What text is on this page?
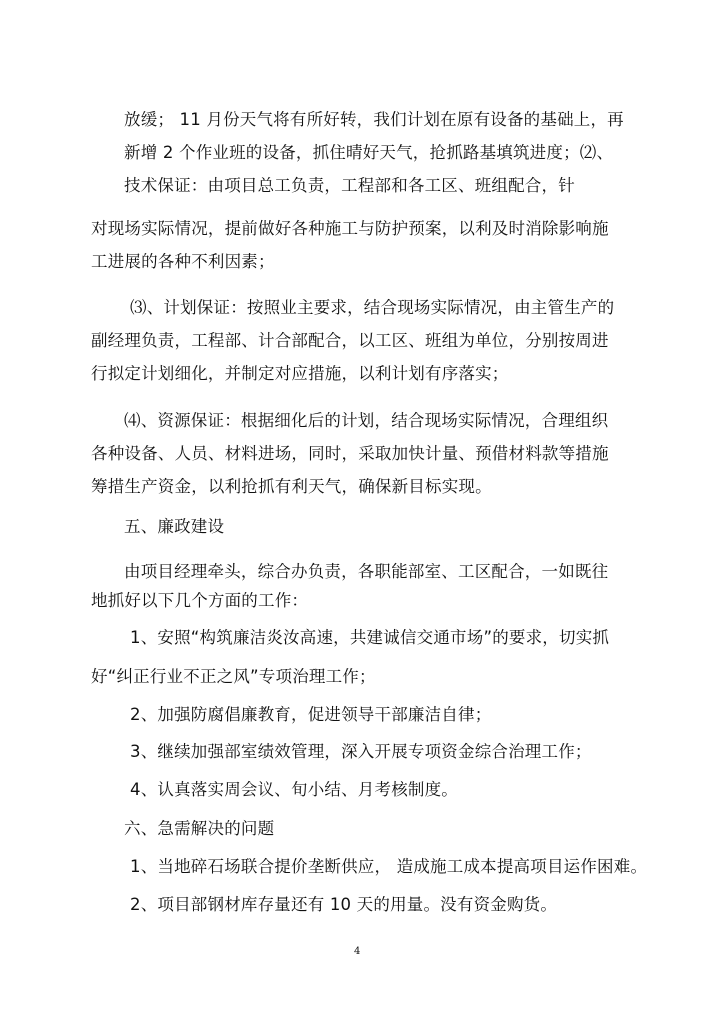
放缓； 11 月份天气将有所好转，我们计划在原有设备的基础上，再
新增 2 个作业班的设备，抓住晴好天气，抢抓路基填筑进度；⑵、
技术保证：由项目总工负责，工程部和各工区、班组配合，针
对现场实际情况，提前做好各种施工与防护预案，以利及时消除影响施
工进展的各种不利因素；
⑶、计划保证：按照业主要求，结合现场实际情况，由主管生产的
副经理负责，工程部、计合部配合，以工区、班组为单位，分别按周进
行拟定计划细化，并制定对应措施，以利计划有序落实；
⑷、资源保证：根据细化后的计划，结合现场实际情况，合理组织
各种设备、人员、材料进场，同时，采取加快计量、预借材料款等措施
筹措生产资金，以利抢抓有利天气，确保新目标实现。
五、廉政建设
由项目经理牵头，综合办负责，各职能部室、工区配合，一如既往
地抓好以下几个方面的工作：
1、安照“构筑廉洁炎汝高速，共建诚信交通市场”的要求，切实抓
好“纠正行业不正之风”专项治理工作；
2、加强防腐倡廉教育，促进领导干部廉洁自律；
3、继续加强部室绩效管理，深入开展专项资金综合治理工作；
4、认真落实周会议、旬小结、月考核制度。
六、急需解决的问题
1、当地碎石场联合提价垄断供应， 造成施工成本提高项目运作困难。
2、项目部钢材库存量还有 10 天的用量。没有资金购货。
4
